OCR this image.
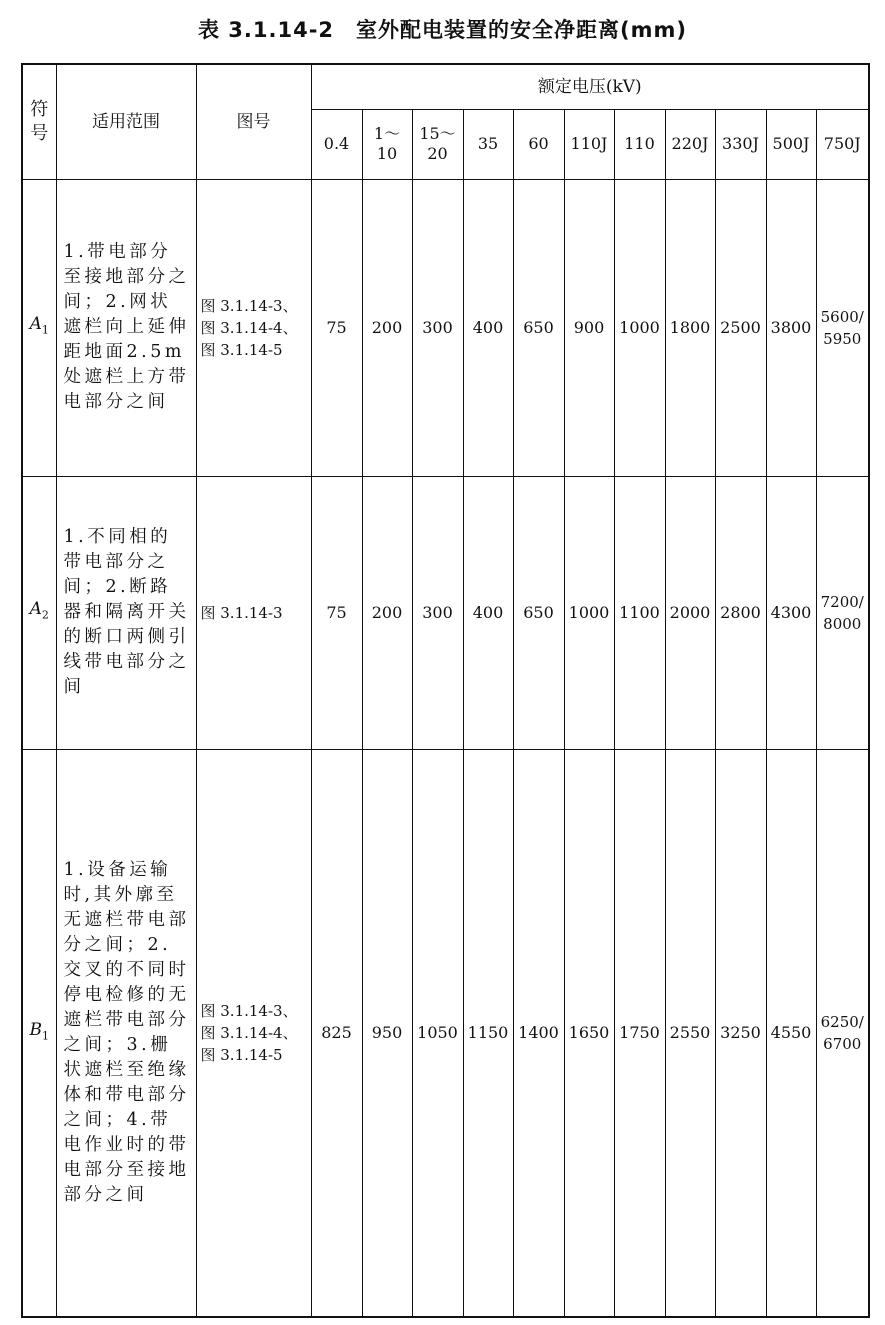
表 3.1.14-2　室外配电装置的安全净距离(mm)
符
号	适用范围	图号	额定电压(kV)										
			0.4	1～
10	15～
20	35	60	110J	110	220J	330J	500J	750J
$A_1$	1.带电部分至接地部分之间；2.网状遮栏向上延伸距地面2.5m处遮栏上方带电部分之间	图 3.1.14-3、
图 3.1.14-4、
图 3.1.14-5	75	200	300	400	650	900	1000	1800	2500	3800	5600/
5950
$A_2$	1.不同相的带电部分之间；2.断路器和隔离开关的断口两侧引线带电部分之间	图 3.1.14-3	75	200	300	400	650	1000	1100	2000	2800	4300	7200/
8000
$B_1$	1.设备运输时,其外廓至无遮栏带电部分之间；2.交叉的不同时停电检修的无遮栏带电部分之间；3.栅状遮栏至绝缘体和带电部分之间；4.带电作业时的带电部分至接地部分之间	图 3.1.14-3、
图 3.1.14-4、
图 3.1.14-5	825	950	1050	1150	1400	1650	1750	2550	3250	4550	6250/
6700
